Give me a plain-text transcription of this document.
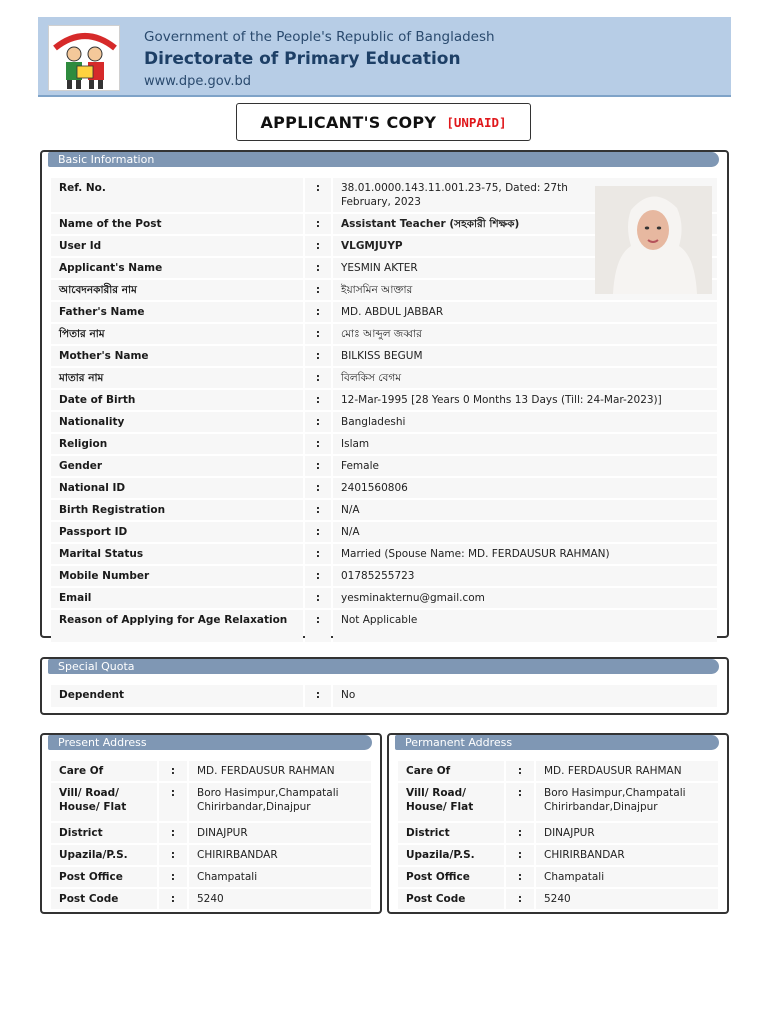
Government of the People's Republic of Bangladesh
Directorate of Primary Education
www.dpe.gov.bd
APPLICANT'S COPY [UNPAID]
Basic Information
Ref. No.	:	38.01.0000.143.11.001.23-75, Dated: 27th February, 2023
Name of the Post	:	Assistant Teacher (সহকারী শিক্ষক)
User Id	:	VLGMJUYP
Applicant's Name	:	YESMIN AKTER
আবেদনকারীর নাম	:	ইয়াসমিন আক্তার
Father's Name	:	MD. ABDUL JABBAR
পিতার নাম	:	মোঃ আব্দুল জব্বার
Mother's Name	:	BILKISS BEGUM
মাতার নাম	:	বিলকিস বেগম
Date of Birth	:	12-Mar-1995 [28 Years 0 Months 13 Days (Till: 24-Mar-2023)]
Nationality	:	Bangladeshi
Religion	:	Islam
Gender	:	Female
National ID	:	2401560806
Birth Registration	:	N/A
Passport ID	:	N/A
Marital Status	:	Married (Spouse Name: MD. FERDAUSUR RAHMAN)
Mobile Number	:	01785255723
Email	:	yesminakternu@gmail.com
Reason of Applying for Age Relaxation	:	Not Applicable
Special Quota
Dependent	:	No
Present Address
Care Of	:	MD. FERDAUSUR RAHMAN
Vill/ Road/ House/ Flat	:	Boro Hasimpur,Champatali Chirirbandar,Dinajpur
District	:	DINAJPUR
Upazila/P.S.	:	CHIRIRBANDAR
Post Office	:	Champatali
Post Code	:	5240
Permanent Address
Care Of	:	MD. FERDAUSUR RAHMAN
Vill/ Road/ House/ Flat	:	Boro Hasimpur,Champatali Chirirbandar,Dinajpur
District	:	DINAJPUR
Upazila/P.S.	:	CHIRIRBANDAR
Post Office	:	Champatali
Post Code	:	5240
